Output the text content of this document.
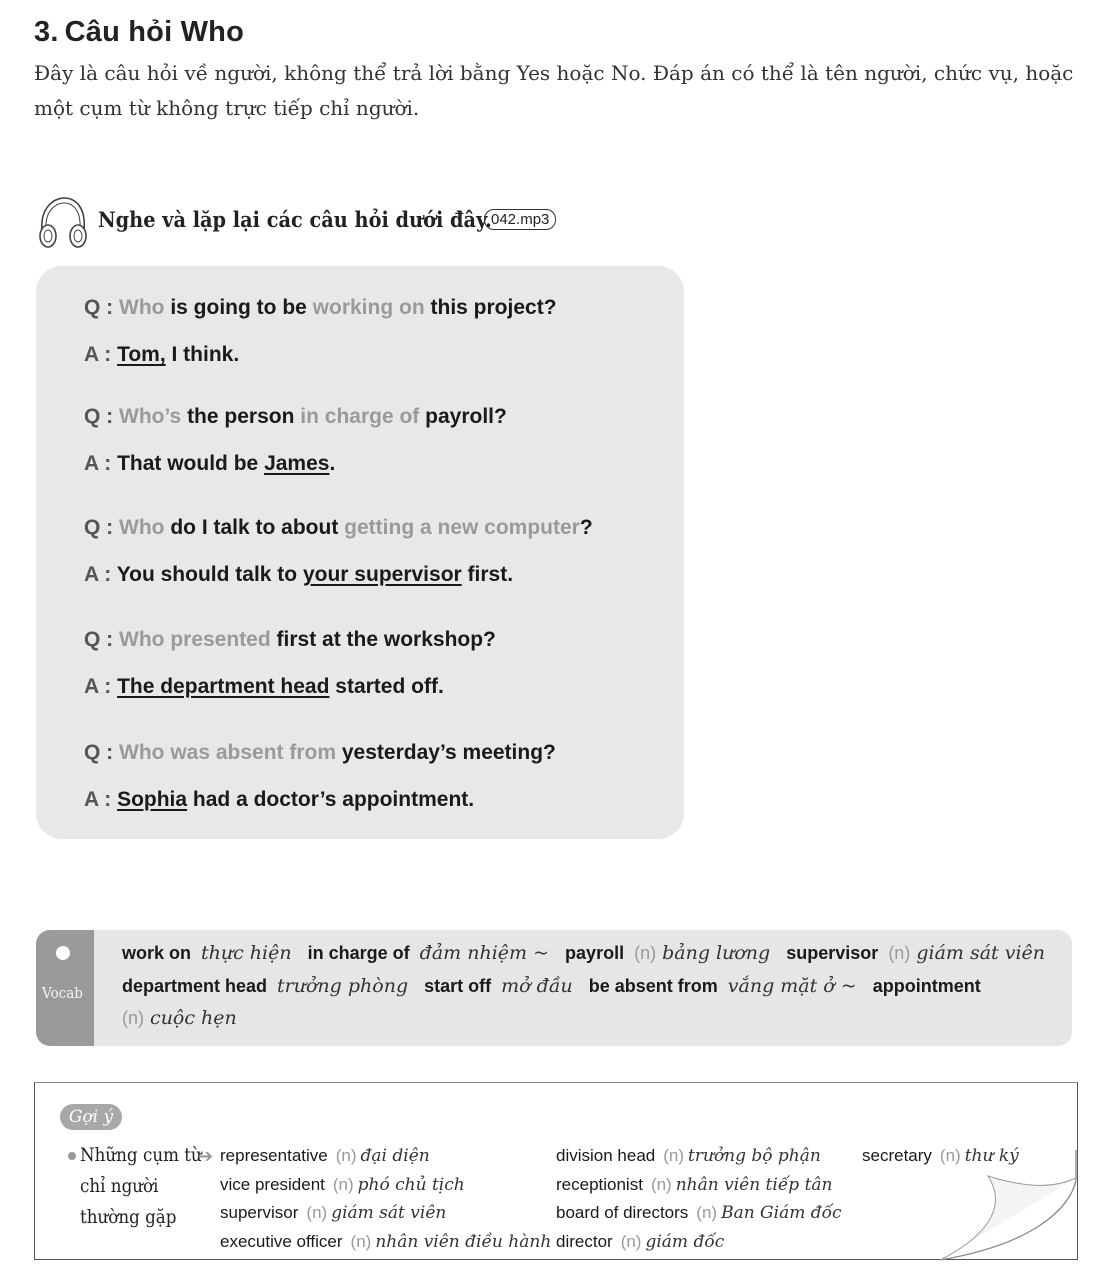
3. Câu hỏi Who
Đây là câu hỏi về người, không thể trả lời bằng Yes hoặc No. Đáp án có thể là tên người, chức vụ, hoặc một cụm từ không trực tiếp chỉ người.
Nghe và lặp lại các câu hỏi dưới đây. 042.mp3
Q : Who is going to be working on this project?
A : Tom, I think.
Q : Who’s the person in charge of payroll?
A : That would be James.
Q : Who do I talk to about getting a new computer?
A : You should talk to your supervisor first.
Q : Who presented first at the workshop?
A : The department head started off.
Q : Who was absent from yesterday’s meeting?
A : Sophia had a doctor’s appointment.
Vocab
work on thực hiện in charge of đảm nhiệm ~ payroll (n) bảng lương supervisor (n) giám sát viên
department head trưởng phòng start off mở đầu be absent from vắng mặt ở ~ appointment
(n) cuộc hẹn
Gợi ý
Những cụm từ
chỉ người
thường gặp
➔ representative (n) đại diện
vice president (n) phó chủ tịch
supervisor (n) giám sát viên
executive officer (n) nhân viên điều hành
division head (n) trưởng bộ phận
receptionist (n) nhân viên tiếp tân
board of directors (n) Ban Giám đốc
director (n) giám đốc
secretary (n) thư ký
